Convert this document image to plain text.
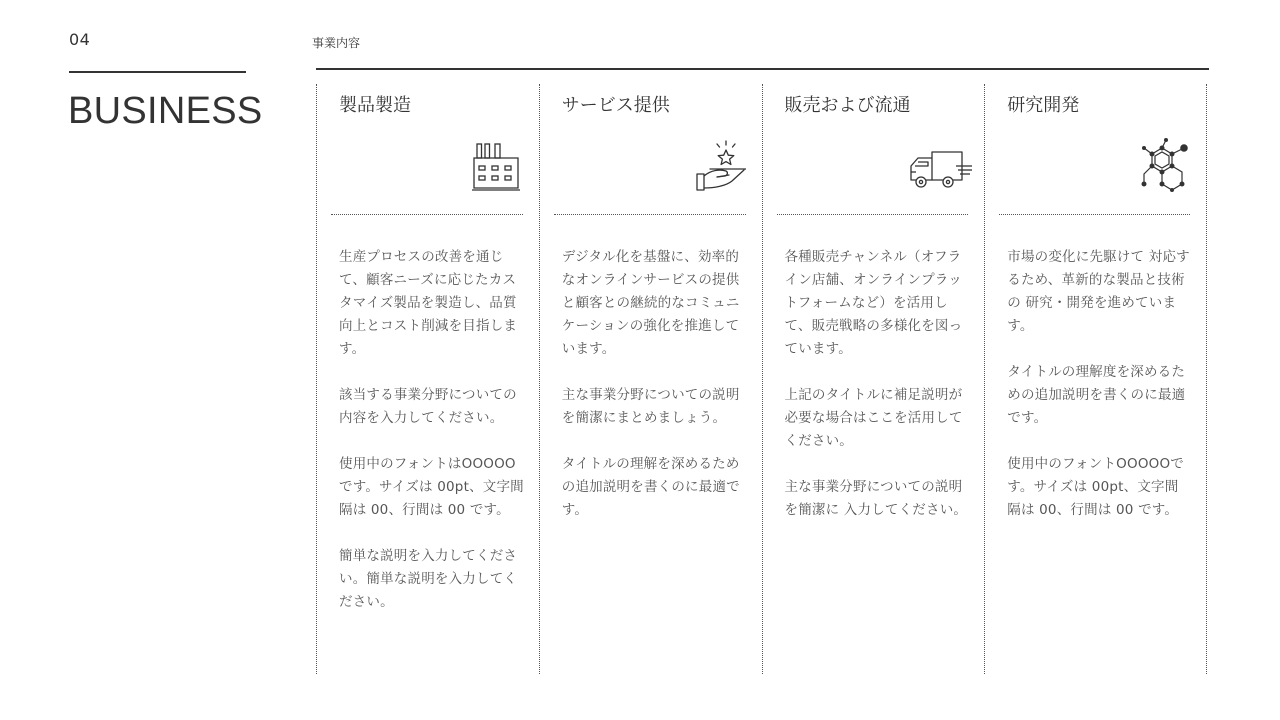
04
BUSINESS
事業内容
製品製造

生産プロセスの改善を通じて、顧客ニーズに応じたカスタマイズ製品を製造し、品質向上とコスト削減を目指します。

該当する事業分野についての内容を入力してください。

使用中のフォントはOOOOO です。サイズは 00pt、文字間隔は 00、行間は 00 です。

簡単な説明を入力してください。簡単な説明を入力してください。

サービス提供

デジタル化を基盤に、効率的なオンラインサービスの提供と顧客との継続的なコミュニケーションの強化を推進しています。

主な事業分野についての説明を簡潔にまとめましょう。

タイトルの理解を深めるための追加説明を書くのに最適です。

販売および流通

各種販売チャンネル（オフライン店舗、オンラインプラットフォームなど）を活用して、販売戦略の多様化を図っています。

上記のタイトルに補足説明が必要な場合はここを活用してください。

主な事業分野についての説明を簡潔に 入力してください。

研究開発

市場の変化に先駆けて 対応するため、革新的な製品と技術の 研究・開発を進めています。

タイトルの理解度を深めるための追加説明を書くのに最適です。

使用中のフォントOOOOOです。サイズは 00pt、文字間隔は 00、行間は 00 です。
